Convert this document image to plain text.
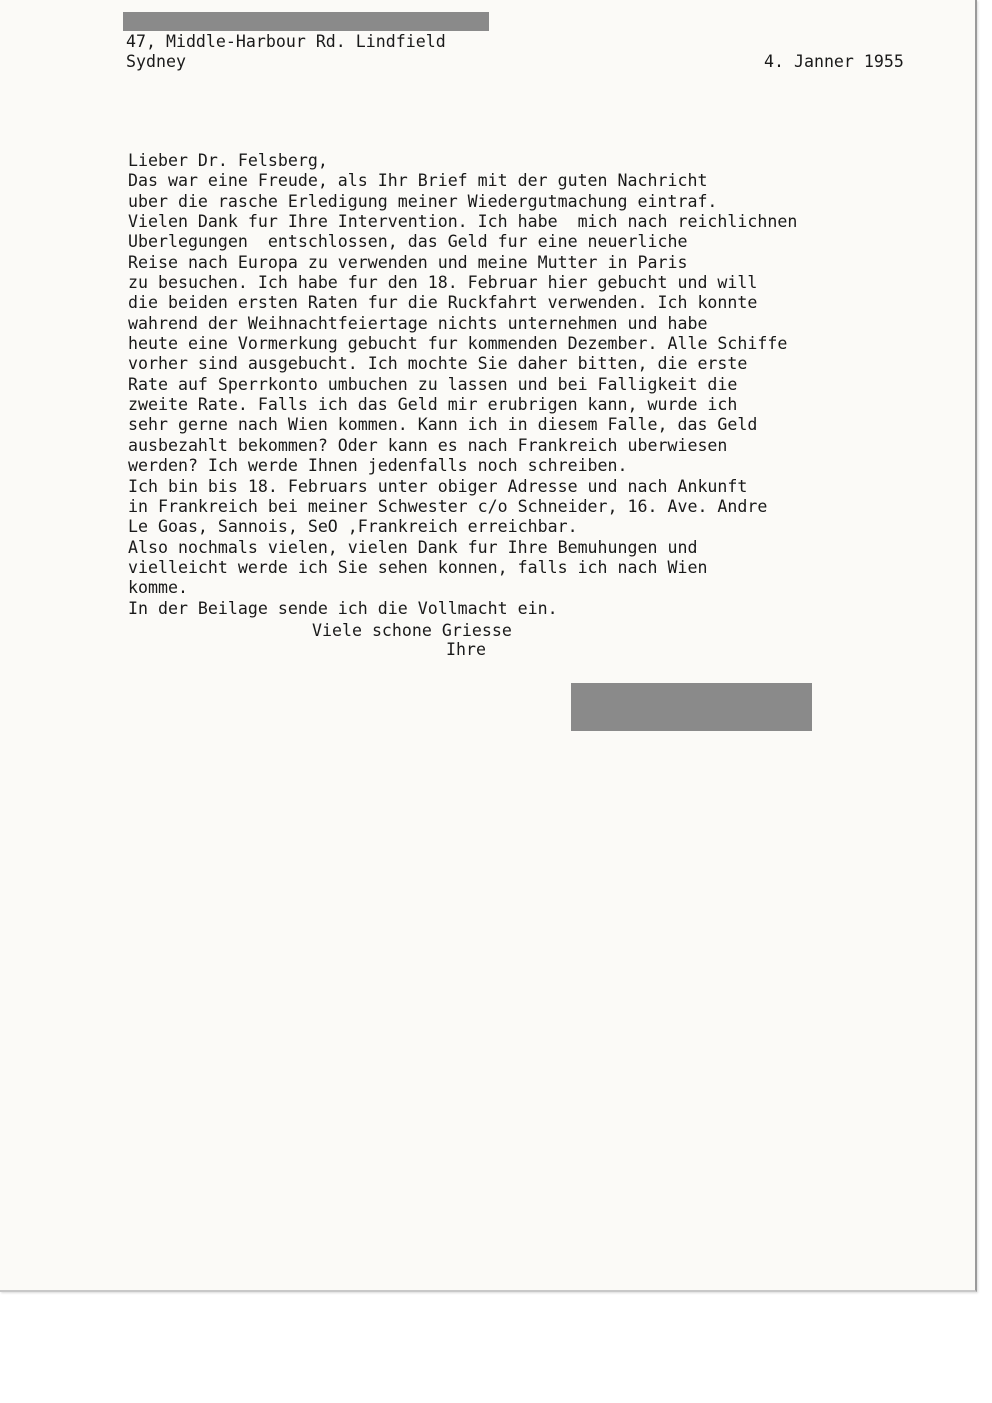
47, Middle-Harbour Rd. Lindfield
Sydney	4. Janner 1955
Lieber Dr. Felsberg,
Das war eine Freude, als Ihr Brief mit der guten Nachricht
uber die rasche Erledigung meiner Wiedergutmachung eintraf.
Vielen Dank fur Ihre Intervention. Ich habe  mich nach reichlichnen
Uberlegungen  entschlossen, das Geld fur eine neuerliche
Reise nach Europa zu verwenden und meine Mutter in Paris
zu besuchen. Ich habe fur den 18. Februar hier gebucht und will
die beiden ersten Raten fur die Ruckfahrt verwenden. Ich konnte
wahrend der Weihnachtfeiertage nichts unternehmen und habe
heute eine Vormerkung gebucht fur kommenden Dezember. Alle Schiffe
vorher sind ausgebucht. Ich mochte Sie daher bitten, die erste
Rate auf Sperrkonto umbuchen zu lassen und bei Falligkeit die
zweite Rate. Falls ich das Geld mir erubrigen kann, wurde ich
sehr gerne nach Wien kommen. Kann ich in diesem Falle, das Geld
ausbezahlt bekommen? Oder kann es nach Frankreich uberwiesen
werden? Ich werde Ihnen jedenfalls noch schreiben.
Ich bin bis 18. Februars unter obiger Adresse und nach Ankunft
in Frankreich bei meiner Schwester c/o Schneider, 16. Ave. Andre
Le Goas, Sannois, SeO ,Frankreich erreichbar.
Also nochmals vielen, vielen Dank fur Ihre Bemuhungen und
vielleicht werde ich Sie sehen konnen, falls ich nach Wien
komme.
In der Beilage sende ich die Vollmacht ein.
Viele schone Griesse
Ihre
